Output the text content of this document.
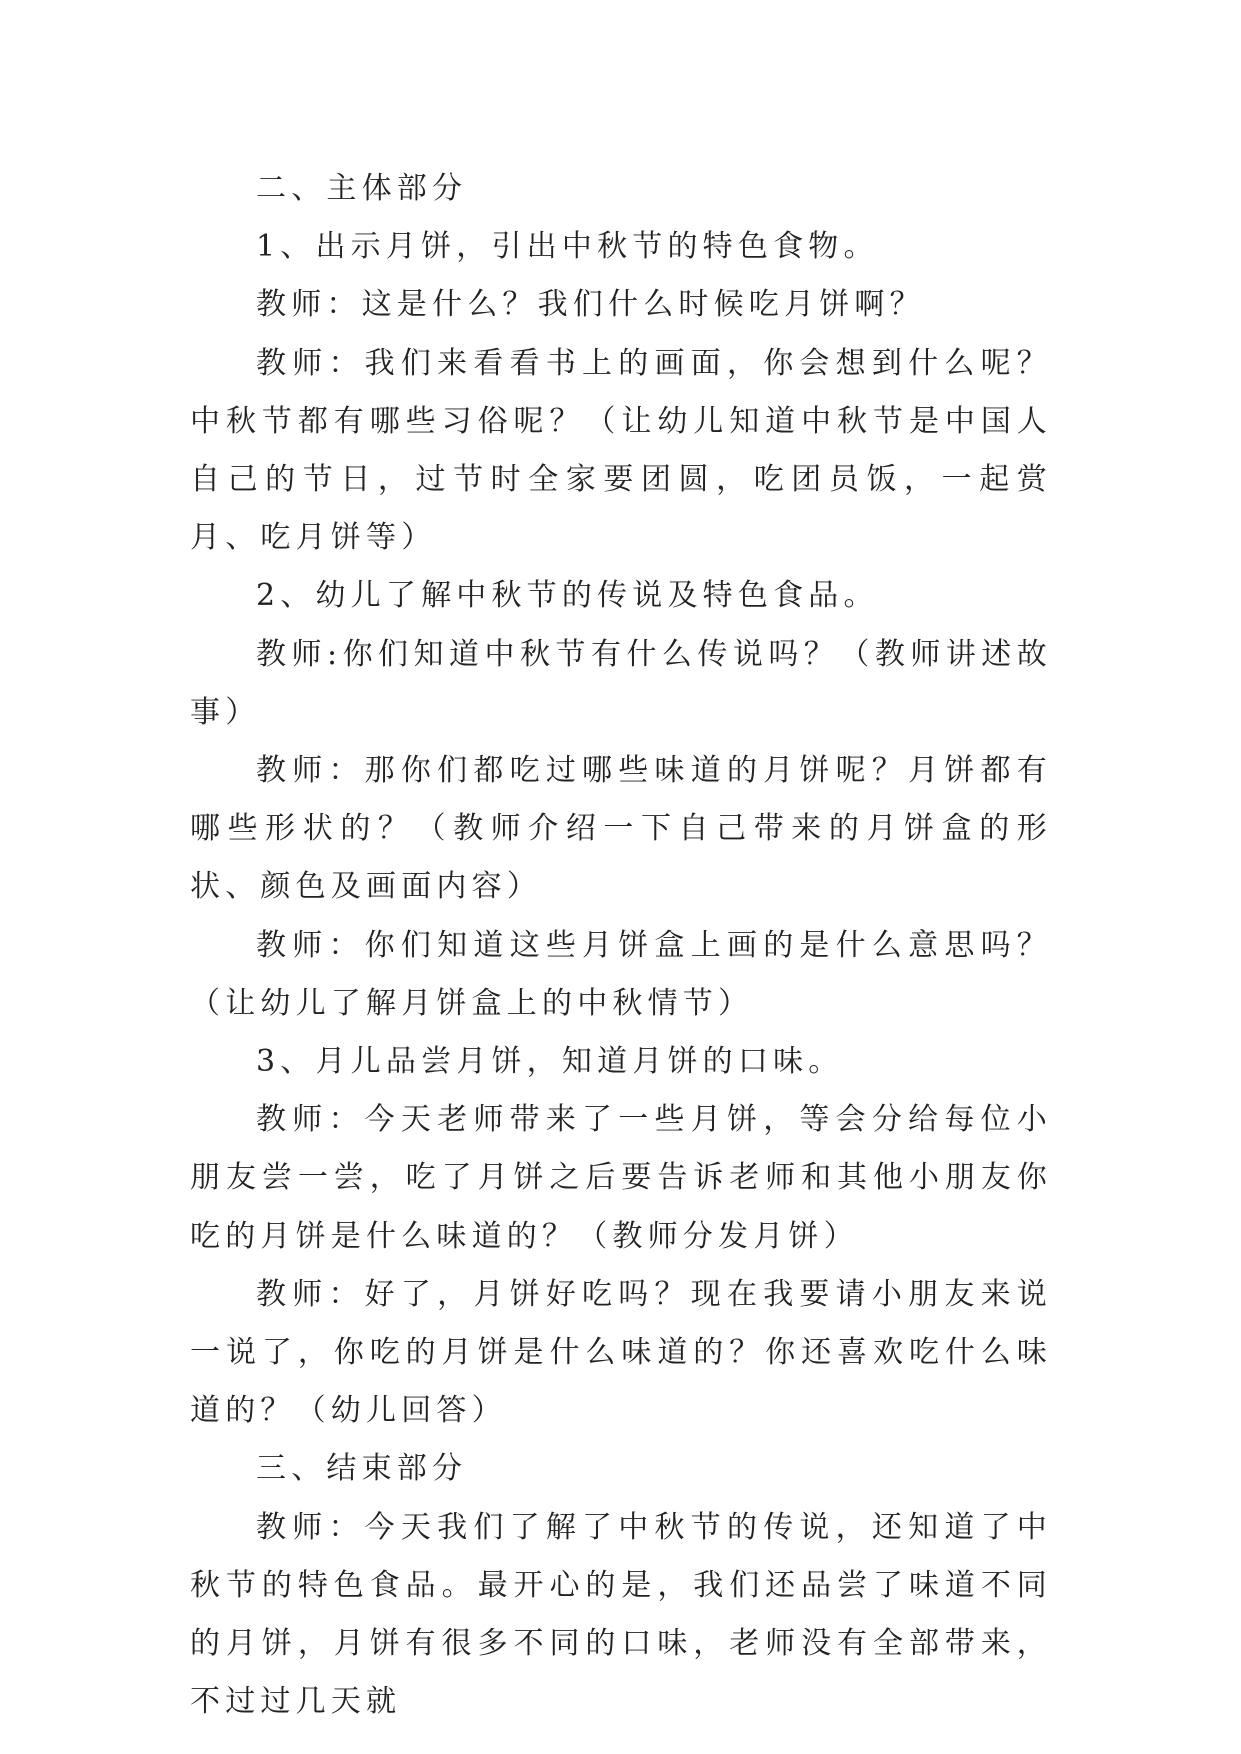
二、主体部分

1、出示月饼，引出中秋节的特色食物。

教师：这是什么？我们什么时候吃月饼啊？

教师：我们来看看书上的画面，你会想到什么呢？中秋节都有哪些习俗呢？（让幼儿知道中秋节是中国人自己的节日，过节时全家要团圆，吃团员饭，一起赏月、吃月饼等）

2、幼儿了解中秋节的传说及特色食品。

教师:你们知道中秋节有什么传说吗？（教师讲述故事）

教师：那你们都吃过哪些味道的月饼呢？月饼都有哪些形状的？（教师介绍一下自己带来的月饼盒的形状、颜色及画面内容）

教师：你们知道这些月饼盒上画的是什么意思吗？（让幼儿了解月饼盒上的中秋情节）

3、月儿品尝月饼，知道月饼的口味。

教师：今天老师带来了一些月饼，等会分给每位小朋友尝一尝，吃了月饼之后要告诉老师和其他小朋友你吃的月饼是什么味道的？（教师分发月饼）

教师：好了，月饼好吃吗？现在我要请小朋友来说一说了，你吃的月饼是什么味道的？你还喜欢吃什么味道的？（幼儿回答）

三、结束部分

教师：今天我们了解了中秋节的传说，还知道了中秋节的特色食品。最开心的是，我们还品尝了味道不同的月饼，月饼有很多不同的口味，老师没有全部带来，不过过几天就
